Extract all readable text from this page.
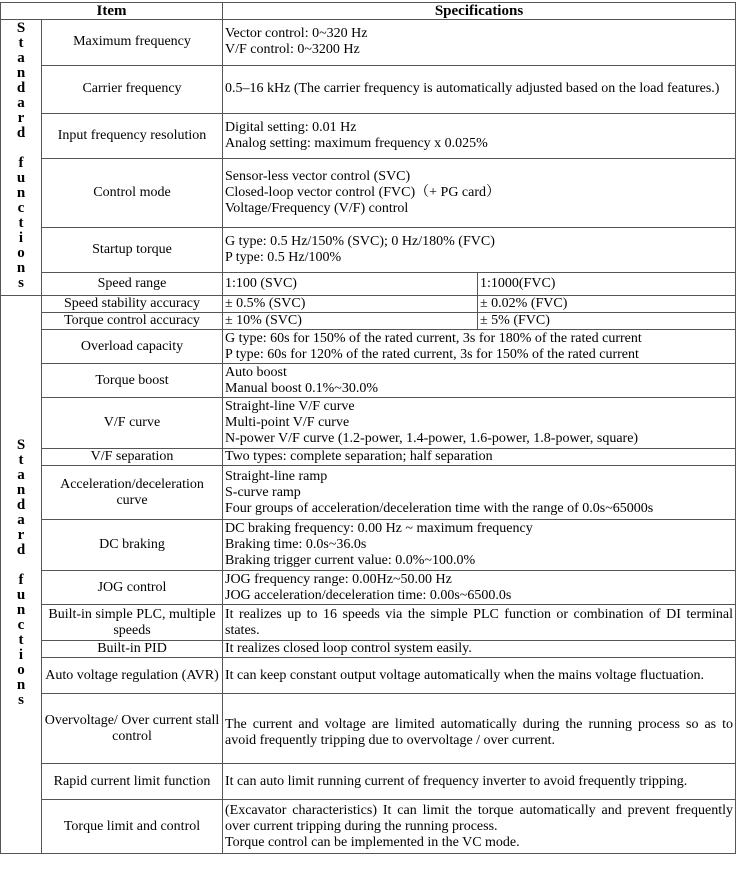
Item		Specifications	
Standard functions	Maximum frequency	Vector control: 0~320 Hz
V/F control: 0~3200 Hz	

	Carrier frequency	0.5–16 kHz (The carrier frequency is automatically adjusted based on the load features.)	

	Input frequency resolution	Digital setting: 0.01 Hz
Analog setting: maximum frequency x 0.025%	

	Control mode	Sensor-less vector control (SVC)
Closed-loop vector control (FVC)（+ PG card）
Voltage/Frequency (V/F) control	

	Startup torque	G type: 0.5 Hz/150% (SVC); 0 Hz/180% (FVC)
P type: 0.5 Hz/100%	

	Speed range	1:100 (SVC)	1:1000(FVC)
Standard functions	Speed stability accuracy	± 0.5% (SVC)	± 0.02% (FVC)
	Torque control accuracy	± 10% (SVC)	± 5% (FVC)
	Overload capacity	G type: 60s for 150% of the rated current, 3s for 180% of the rated current
P type: 60s for 120% of the rated current, 3s for 150% of the rated current	

	Torque boost	Auto boost
Manual boost 0.1%~30.0%	

	V/F curve	Straight-line V/F curve
Multi-point V/F curve
N-power V/F curve (1.2-power, 1.4-power, 1.6-power, 1.8-power, square)	

	V/F separation	Two types: complete separation; half separation	

	Acceleration/deceleration curve	Straight-line ramp
S-curve ramp
Four groups of acceleration/deceleration time with the range of 0.0s~65000s	

	DC braking	DC braking frequency: 0.00 Hz ~ maximum frequency
Braking time: 0.0s~36.0s
Braking trigger current value: 0.0%~100.0%	

	JOG control	JOG frequency range: 0.00Hz~50.00 Hz
JOG acceleration/deceleration time: 0.00s~6500.0s	

	Built-in simple PLC, multiple speeds	It realizes up to 16 speeds via the simple PLC function or combination of DI terminal states.	

	Built-in PID	It realizes closed loop control system easily.	

	Auto voltage regulation (AVR)	It can keep constant output voltage automatically when the mains voltage fluctuation.	

	Overvoltage/ Over current stall control	The current and voltage are limited automatically during the running process so as to avoid frequently tripping due to overvoltage / over current.	

	Rapid current limit function	It can auto limit running current of frequency inverter to avoid frequently tripping.	

	Torque limit and control	(Excavator characteristics) It can limit the torque automatically and prevent frequently over current tripping during the running process.
Torque control can be implemented in the VC mode.	
